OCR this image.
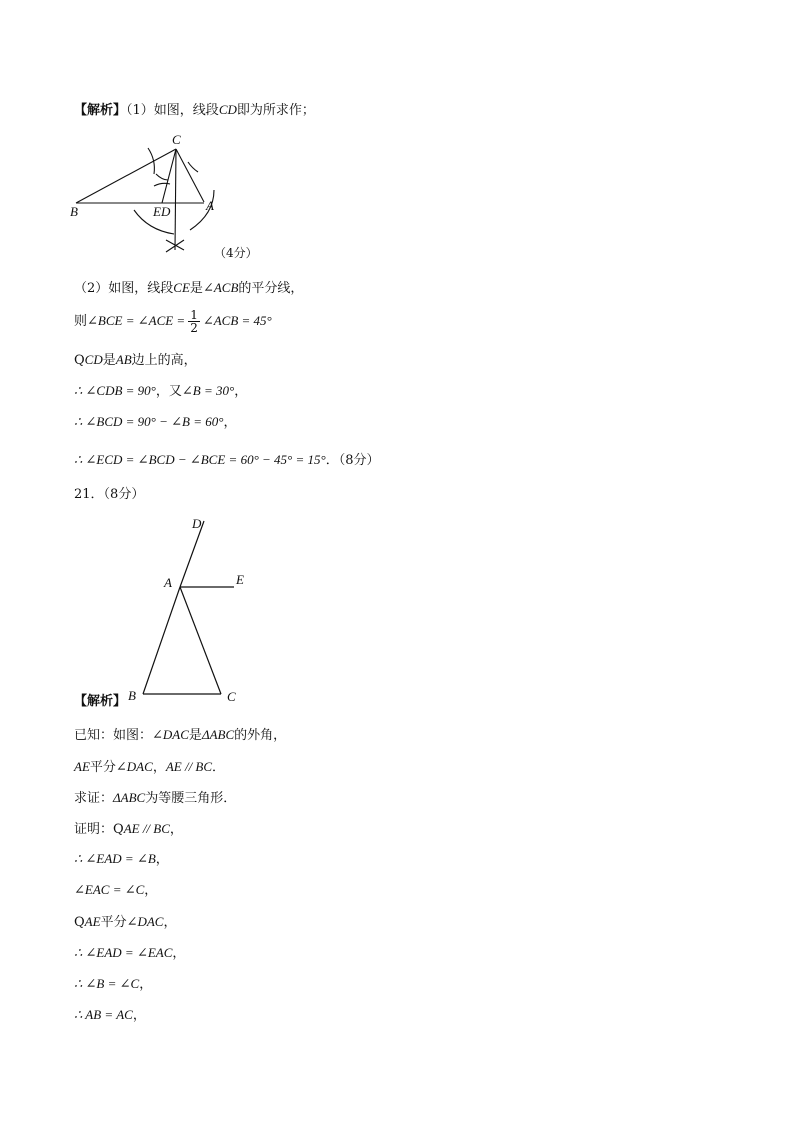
【解析】（1）如图，线段CD即为所求作；
C
B	ED	A
（4分）
（2）如图，线段CE是∠ACB的平分线，
则∠BCE = ∠ACE = $\frac{1}{2}$ ∠ACB = 45°
QCD是AB边上的高，
∴ ∠CDB = 90°，又∠B = 30°，
∴ ∠BCD = 90° − ∠B = 60°，
∴ ∠ECD = ∠BCD − ∠BCE = 60° − 45° = 15°．（8分）
21．（8分）
D
A	E
B	C
【解析】
已知：如图：∠DAC是ΔABC的外角，
AE平分∠DAC，AE // BC．
求证：ΔABC为等腰三角形．
证明：QAE // BC，
∴ ∠EAD = ∠B，
∠EAC = ∠C，
QAE平分∠DAC，
∴ ∠EAD = ∠EAC，
∴ ∠B = ∠C，
∴ AB = AC，
